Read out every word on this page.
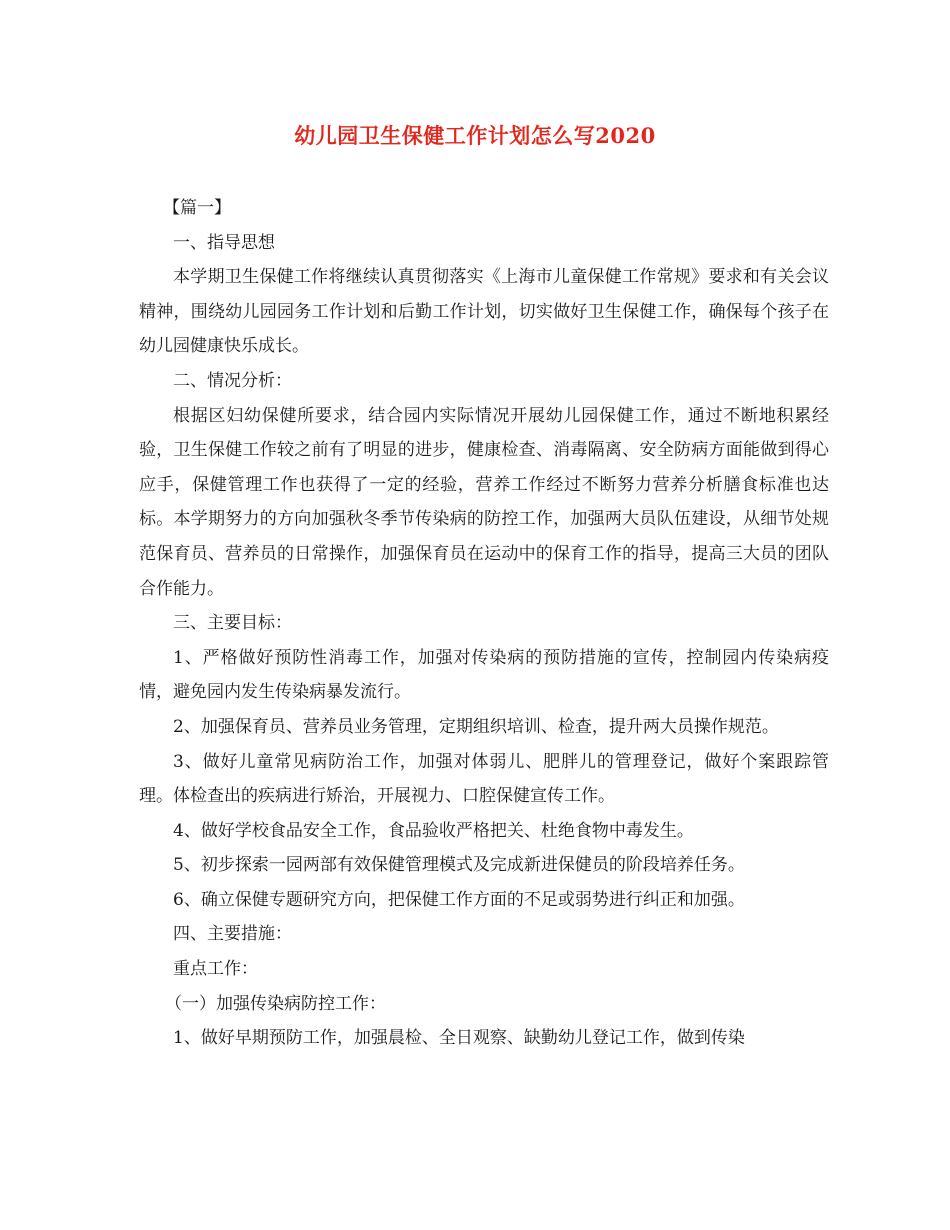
幼儿园卫生保健工作计划怎么写2020

【篇一】

一、指导思想

本学期卫生保健工作将继续认真贯彻落实《上海市儿童保健工作常规》要求和有关会议精神，围绕幼儿园园务工作计划和后勤工作计划，切实做好卫生保健工作，确保每个孩子在幼儿园健康快乐成长。

二、情况分析：

根据区妇幼保健所要求，结合园内实际情况开展幼儿园保健工作，通过不断地积累经验，卫生保健工作较之前有了明显的进步，健康检查、消毒隔离、安全防病方面能做到得心应手，保健管理工作也获得了一定的经验，营养工作经过不断努力营养分析膳食标准也达标。本学期努力的方向加强秋冬季节传染病的防控工作，加强两大员队伍建设，从细节处规范保育员、营养员的日常操作，加强保育员在运动中的保育工作的指导，提高三大员的团队合作能力。

三、主要目标：

1、严格做好预防性消毒工作，加强对传染病的预防措施的宣传，控制园内传染病疫情，避免园内发生传染病暴发流行。

2、加强保育员、营养员业务管理，定期组织培训、检查，提升两大员操作规范。

3、做好儿童常见病防治工作，加强对体弱儿、肥胖儿的管理登记，做好个案跟踪管理。体检查出的疾病进行矫治，开展视力、口腔保健宣传工作。

4、做好学校食品安全工作，食品验收严格把关、杜绝食物中毒发生。

5、初步探索一园两部有效保健管理模式及完成新进保健员的阶段培养任务。

6、确立保健专题研究方向，把保健工作方面的不足或弱势进行纠正和加强。

四、主要措施：

重点工作：

（一）加强传染病防控工作：

1、做好早期预防工作，加强晨检、全日观察、缺勤幼儿登记工作，做到传染
